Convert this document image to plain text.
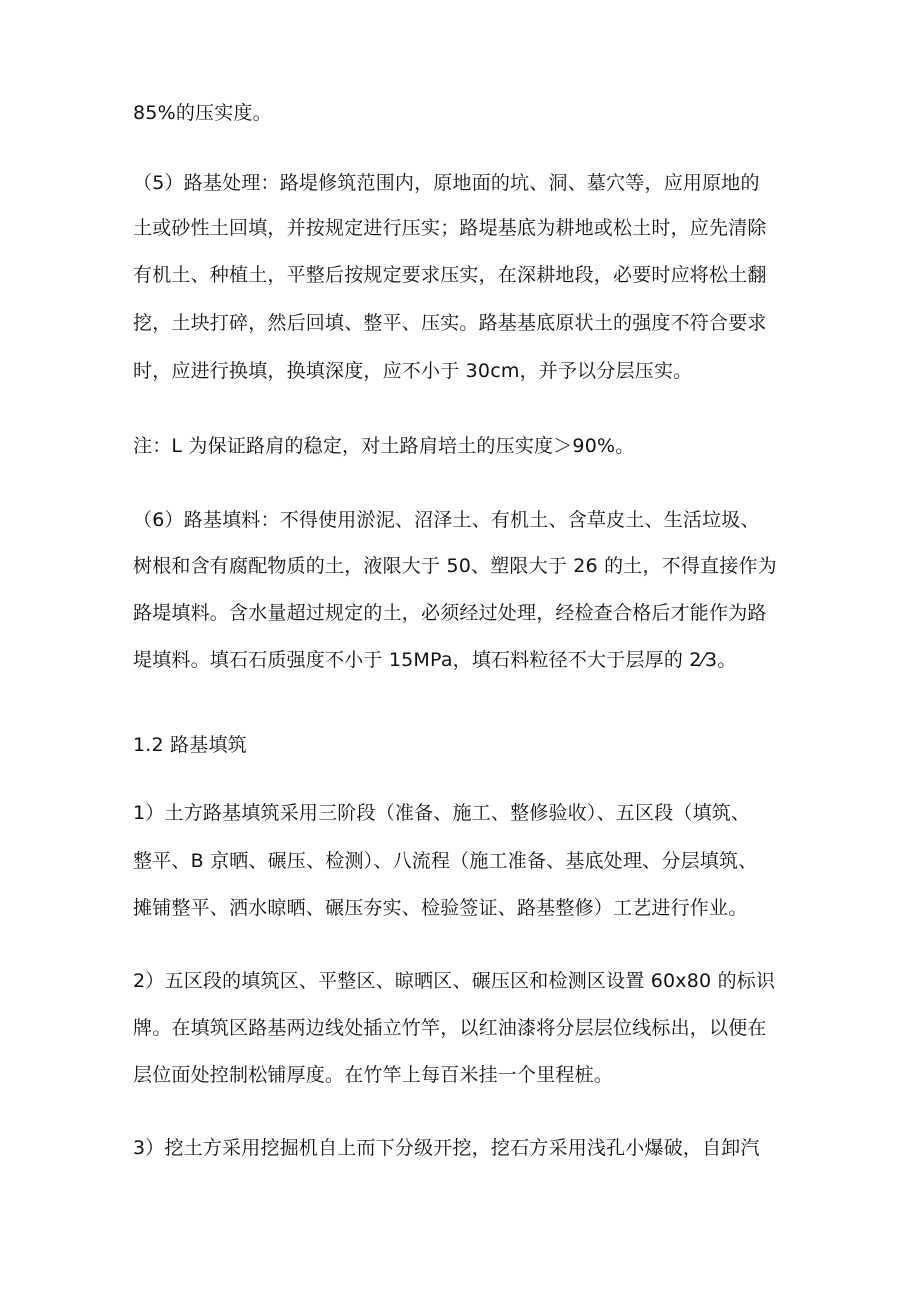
85%的压实度。
（5）路基处理：路堤修筑范围内，原地面的坑、洞、墓穴等，应用原地的
土或砂性土回填，并按规定进行压实；路堤基底为耕地或松土时，应先清除
有机土、种植土，平整后按规定要求压实，在深耕地段，必要时应将松土翻
挖，土块打碎，然后回填、整平、压实。路基基底原状土的强度不符合要求
时，应进行换填，换填深度，应不小于 30cm，并予以分层压实。
注：L 为保证路肩的稳定，对土路肩培土的压实度＞90%。
（6）路基填料：不得使用淤泥、沼泽土、有机土、含草皮土、生活垃圾、
树根和含有腐配物质的土，液限大于 50、塑限大于 26 的土，不得直接作为
路堤填料。含水量超过规定的土，必须经过处理，经检查合格后才能作为路
堤填料。填石石质强度不小于 15MPa，填石料粒径不大于层厚的 2⁄3。
1.2 路基填筑
1）土方路基填筑采用三阶段（准备、施工、整修验收）、五区段（填筑、
整平、B 京晒、碾压、检测）、八流程（施工准备、基底处理、分层填筑、
摊铺整平、洒水晾晒、碾压夯实、检验签证、路基整修）工艺进行作业。
2）五区段的填筑区、平整区、晾晒区、碾压区和检测区设置 60x80 的标识
牌。在填筑区路基两边线处插立竹竿，以红油漆将分层层位线标出，以便在
层位面处控制松铺厚度。在竹竿上每百米挂一个里程桩。
3）挖土方采用挖掘机自上而下分级开挖，挖石方采用浅孔小爆破，自卸汽
